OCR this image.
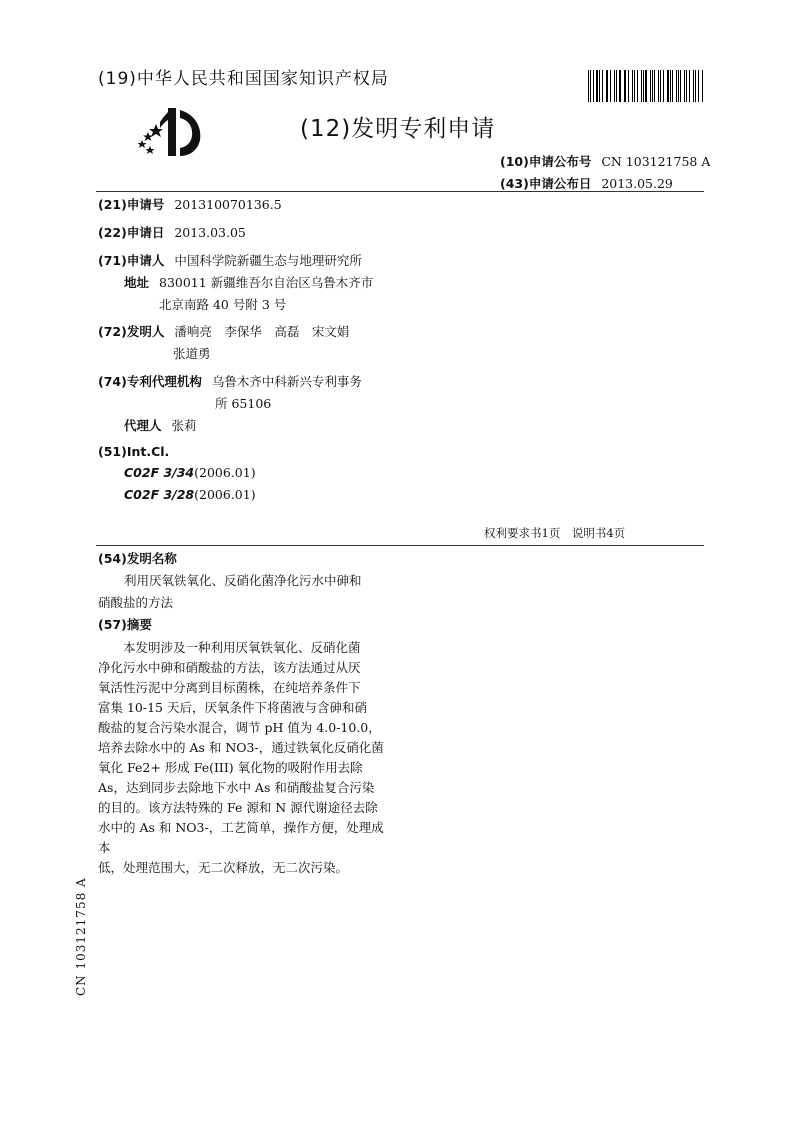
(19)中华人民共和国国家知识产权局
(12)发明专利申请
(10)申请公布号 CN 103121758 A
(43)申请公布日 2013.05.29
(21)申请号 201310070136.5
(22)申请日 2013.03.05
(71)申请人 中国科学院新疆生态与地理研究所
地址 830011 新疆维吾尔自治区乌鲁木齐市
北京南路 40 号附 3 号
(72)发明人 潘响亮　李保华　高磊　宋文娟
张道勇
(74)专利代理机构 乌鲁木齐中科新兴专利事务
所 65106
代理人 张莉
(51)Int.Cl.
C02F 3/34(2006.01)
C02F 3/28(2006.01)
权利要求书1页　说明书4页
(54)发明名称
利用厌氧铁氧化、反硝化菌净化污水中砷和
硝酸盐的方法
(57)摘要

　　本发明涉及一种利用厌氧铁氧化、反硝化菌

净化污水中砷和硝酸盐的方法，该方法通过从厌

氧活性污泥中分离到目标菌株，在纯培养条件下

富集 10-15 天后，厌氧条件下将菌液与含砷和硝

酸盐的复合污染水混合，调节 pH 值为 4.0-10.0，

培养去除水中的 As 和 NO3-，通过铁氧化反硝化菌

氧化 Fe2+ 形成 Fe(III) 氧化物的吸附作用去除

As，达到同步去除地下水中 As 和硝酸盐复合污染

的目的。该方法特殊的 Fe 源和 N 源代谢途径去除

水中的 As 和 NO3-，工艺简单，操作方便，处理成本

低，处理范围大，无二次释放，无二次污染。

CN 103121758 A
